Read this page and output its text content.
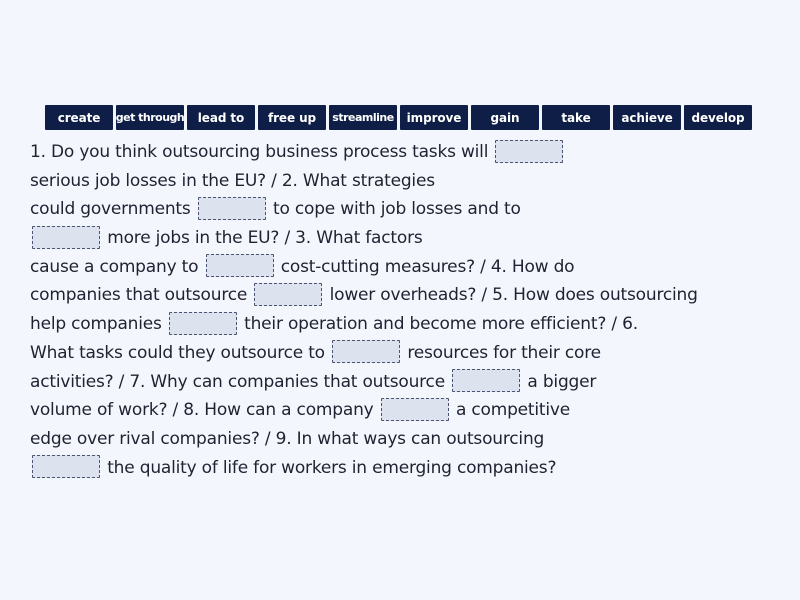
create	get through	lead to	free up	streamline	improve	gain	take	achieve	develop
1. Do you think outsourcing business process tasks will
serious job losses in the EU? / 2. What strategies
could governments	to cope with job losses and to
more jobs in the EU? / 3. What factors
cause a company to	cost-cutting measures? / 4. How do
companies that outsource	lower overheads? / 5. How does outsourcing
help companies	their operation and become more efficient? / 6.
What tasks could they outsource to	resources for their core
activities? / 7. Why can companies that outsource	a bigger
volume of work? / 8. How can a company	a competitive
edge over rival companies? / 9. In what ways can outsourcing
the quality of life for workers in emerging companies?
